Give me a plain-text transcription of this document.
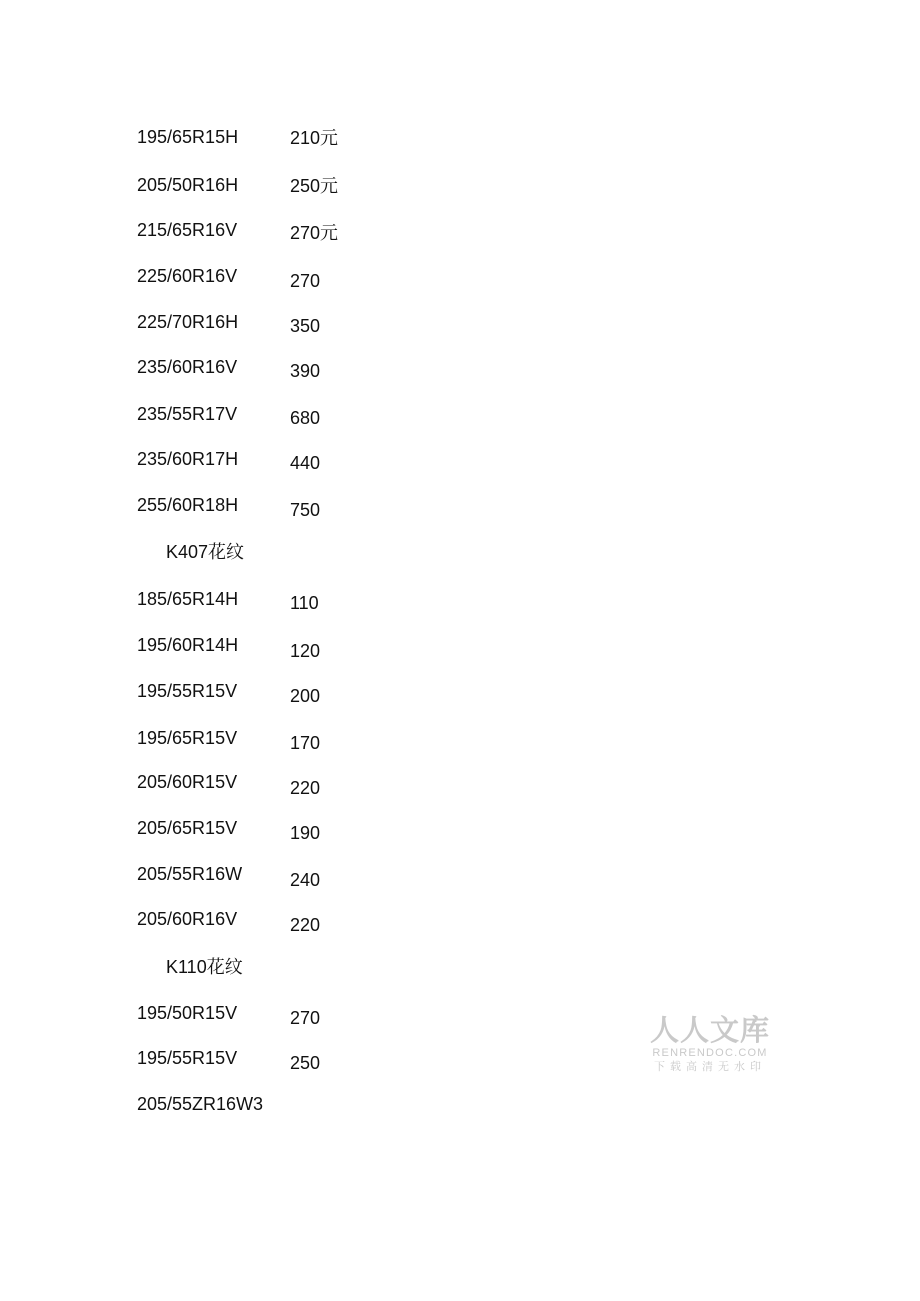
195/65R15H	210元
205/50R16H	250元
215/65R16V	270元
225/60R16V	270
225/70R16H	350
235/60R16V	390
235/55R17V	680
235/60R17H	440
255/60R18H	750
K407花纹
185/65R14H	110
195/60R14H	120
195/55R15V	200
195/65R15V	170
205/60R15V	220
205/65R15V	190
205/55R16W	240
205/60R16V	220
K110花纹
195/50R15V	270
195/55R15V	250
205/55ZR16W3
人人文库
RENRENDOC.COM
下载高清无水印
